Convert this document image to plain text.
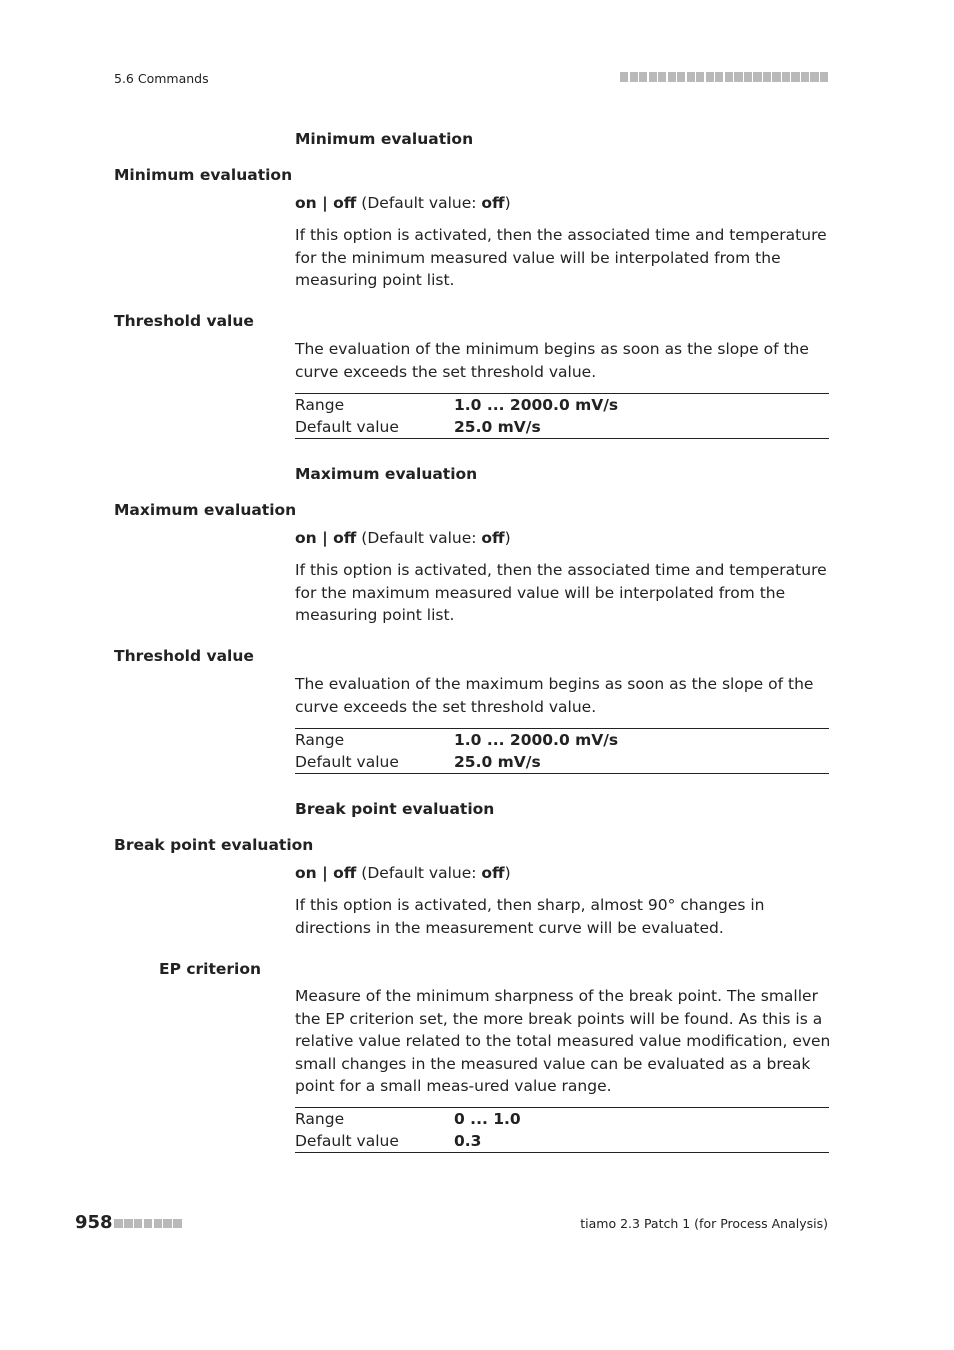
5.6 Commands
Minimum evaluation
Minimum evaluation
on | off (Default value: off)
If this option is activated, then the associated time and temperature for the minimum measured value will be interpolated from the measuring point list.
Threshold value
The evaluation of the minimum begins as soon as the slope of the curve exceeds the set threshold value.
Range	1.0 ... 2000.0 mV/s
Default value	25.0 mV/s
Maximum evaluation
Maximum evaluation
on | off (Default value: off)
If this option is activated, then the associated time and temperature for the maximum measured value will be interpolated from the measuring point list.
Threshold value
The evaluation of the maximum begins as soon as the slope of the curve exceeds the set threshold value.
Range	1.0 ... 2000.0 mV/s
Default value	25.0 mV/s
Break point evaluation
Break point evaluation
on | off (Default value: off)
If this option is activated, then sharp, almost 90° changes in directions in the measurement curve will be evaluated.
EP criterion
Measure of the minimum sharpness of the break point. The smaller the EP criterion set, the more break points will be found. As this is a relative value related to the total measured value modification, even small changes in the measured value can be evaluated as a break point for a small meas-ured value range.
Range	0 ... 1.0
Default value	0.3
958	tiamo 2.3 Patch 1 (for Process Analysis)
